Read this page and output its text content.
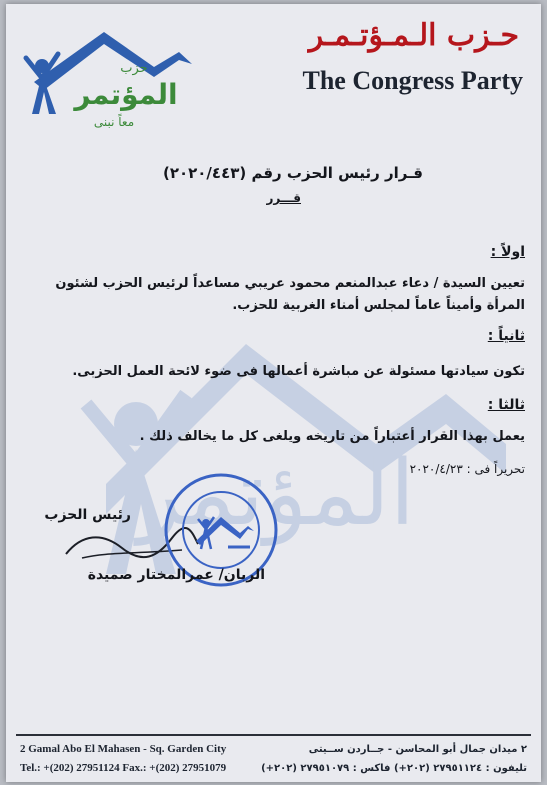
المؤتمر
حزب
المؤتمر
معاً نبنى
حـزب الـمـؤتـمـر
The Congress Party
قـرار رئيس الحزب رقم (٢٠٢٠/٤٤٣)
قـــرر
اولاً :
تعيين السيدة / دعاء عبدالمنعم محمود عريبي مساعداً لرئيس الحزب لشئون المرأة وأميناً عاماً لمجلس أمناء الغربية للحزب.
ثانياً :
تكون سيادتها مسئولة عن مباشرة أعمالها فى ضوء لائحة العمل الحزبى.
ثالثا :
يعمل بهذا القرار أعتباراً من تاريخه ويلغى كل ما يخالف ذلك .
تحريراً فى : ٢٠٢٠/٤/٢٣
رئيس الحزب
الربان/ عمرالمختار صميدة
2 Gamal Abo El Mahasen - Sq. Garden City
Tel.: +(202) 27951124 Fax.: +(202) 27951079
٢ ميدان جمال أبو المحاسن - جــاردن ســيتى
تليفون : ٢٧٩٥١١٢٤ (٢٠٢+) فاكس : ٢٧٩٥١٠٧٩ (٢٠٢+)
